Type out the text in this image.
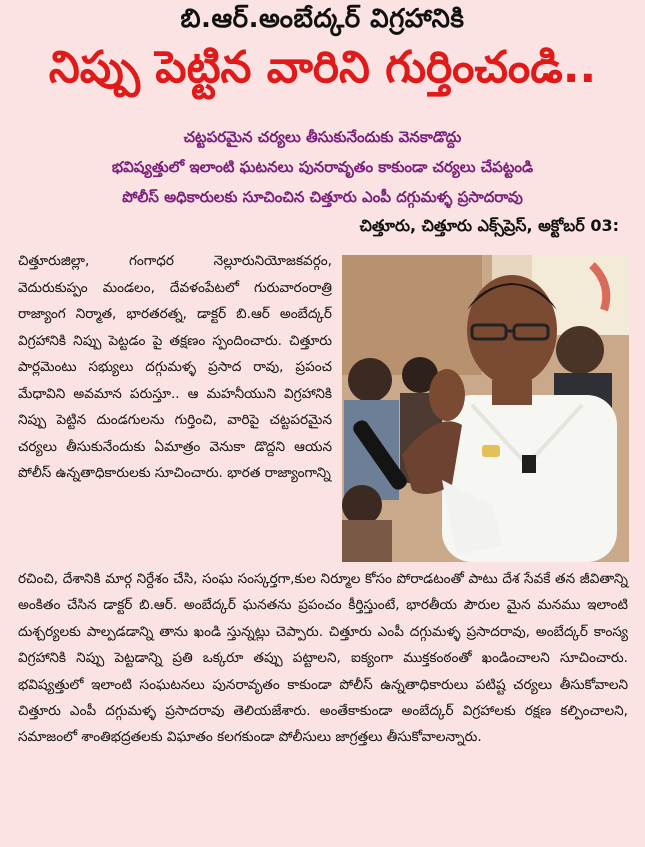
బి.ఆర్.అంబేద్కర్ విగ్రహానికి
నిప్పు పెట్టిన వారిని గుర్తించండి..
చట్టపరమైన చర్యలు తీసుకునేందుకు వెనకాడొద్దు
భవిష్యత్తులో ఇలాంటి ఘటనలు పునరావృతం కాకుండా చర్యలు చేపట్టండి
పోలీస్ అధికారులకు సూచించిన చిత్తూరు ఎంపీ దగ్గుమళ్ళ ప్రసాదరావు
చిత్తూరు, చిత్తూరు ఎక్స్‌ప్రెస్, అక్టోబర్ 03:
చిత్తూరుజిల్లా, గంగాధర నెల్లూరునియోజకవర్గం, వెదురుకుప్పం మండలం, దేవళంపేటలో గురువారంరాత్రి రాజ్యాంగ నిర్మాత, భారతరత్న, డాక్టర్ బి.ఆర్ అంబేద్కర్ విగ్రహానికి నిప్పు పెట్టడం పై తక్షణం స్పందించారు. చిత్తూరు పార్లమెంటు సభ్యులు దగ్గుమళ్ళ ప్రసాద రావు, ప్రపంచ మేధావిని అవమాన పరుస్తూ.. ఆ మహనీయుని విగ్రహానికి నిప్పు పెట్టిన దుండగులను గుర్తించి, వారిపై చట్టపరమైన చర్యలు తీసుకునేందుకు ఏమాత్రం వెనుకా డొద్దని ఆయన పోలీస్ ఉన్నతాధికారులకు సూచించారు. భారత రాజ్యాంగాన్ని
రచించి, దేశానికి మార్గ నిర్దేశం చేసి, సంఘ సంస్కర్తగా,కుల నిర్మూల కోసం పోరాడటంతో పాటు దేశ సేవకే తన జీవితాన్ని అంకితం చేసిన డాక్టర్ బి.ఆర్. అంబేద్కర్ ఘనతను ప్రపంచం కీర్తిస్తుంటే, భారతీయ పౌరుల మైన మనము ఇలాంటి దుశ్చర్యలకు పాల్పడడాన్ని తాను ఖండి స్తున్నట్లు చెప్పారు. చిత్తూరు ఎంపీ దగ్గుమళ్ళ ప్రసాదరావు, అంబేద్కర్ కాంస్య విగ్రహానికి నిప్పు పెట్టడాన్ని ప్రతి ఒక్కరూ తప్పు పట్టాలని, ఐక్యంగా ముక్తకంఠంతో ఖండించాలని సూచించారు. భవిష్యత్తులో ఇలాంటి సంఘటనలు పునరావృతం కాకుండా పోలీస్ ఉన్నతాధికారులు పటిష్ట చర్యలు తీసుకోవాలని చిత్తూరు ఎంపీ దగ్గుమళ్ళ ప్రసాదరావు తెలియజేశారు. అంతేకాకుండా అంబేద్కర్ విగ్రహాలకు రక్షణ కల్పించాలని, సమాజంలో శాంతిభద్రతలకు విఘాతం కలగకుండా పోలీసులు జాగ్రత్తలు తీసుకోవాలన్నారు.
